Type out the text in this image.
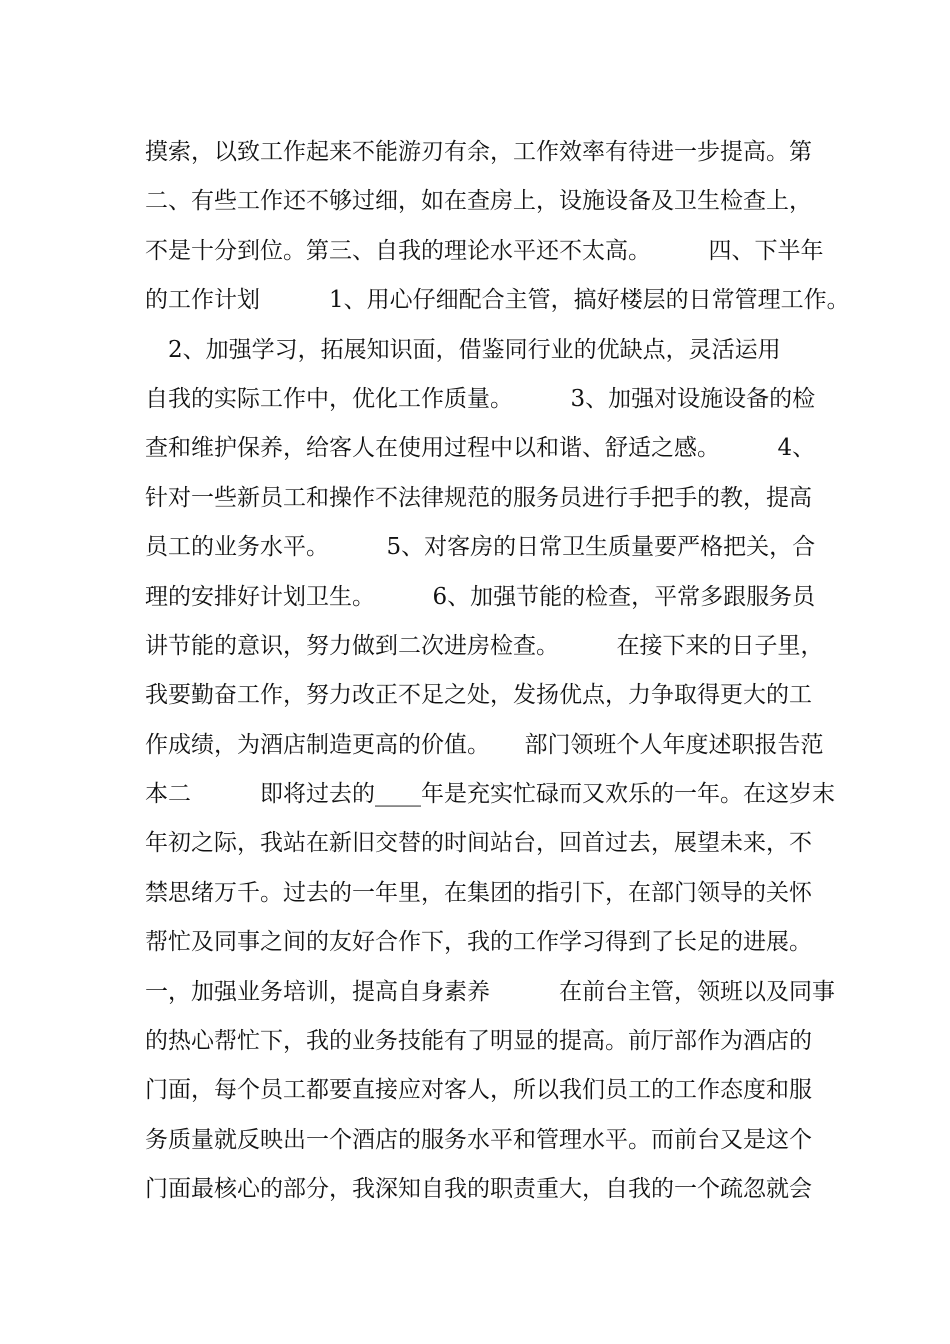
摸索，以致工作起来不能游刃有余，工作效率有待进一步提高。第
二、有些工作还不够过细，如在查房上，设施设备及卫生检查上，
不是十分到位。第三、自我的理论水平还不太高。　　　四、下半年
的工作计划　　　1、用心仔细配合主管，搞好楼层的日常管理工作。
　2、加强学习，拓展知识面，借鉴同行业的优缺点，灵活运用
自我的实际工作中，优化工作质量。　　　3、加强对设施设备的检
查和维护保养，给客人在使用过程中以和谐、舒适之感。　　　4、
针对一些新员工和操作不法律规范的服务员进行手把手的教，提高
员工的业务水平。　　　5、对客房的日常卫生质量要严格把关，合
理的安排好计划卫生。　　　6、加强节能的检查，平常多跟服务员
讲节能的意识，努力做到二次进房检查。　　　在接下来的日子里，
我要勤奋工作，努力改正不足之处，发扬优点，力争取得更大的工
作成绩，为酒店制造更高的价值。　　部门领班个人年度述职报告范
本二　　　即将过去的____年是充实忙碌而又欢乐的一年。在这岁末
年初之际，我站在新旧交替的时间站台，回首过去，展望未来，不
禁思绪万千。过去的一年里，在集团的指引下，在部门领导的关怀
帮忙及同事之间的友好合作下，我的工作学习得到了长足的进展。
一，加强业务培训，提高自身素养　　　在前台主管，领班以及同事
的热心帮忙下，我的业务技能有了明显的提高。前厅部作为酒店的
门面，每个员工都要直接应对客人，所以我们员工的工作态度和服
务质量就反映出一个酒店的服务水平和管理水平。而前台又是这个
门面最核心的部分，我深知自我的职责重大，自我的一个疏忽就会
